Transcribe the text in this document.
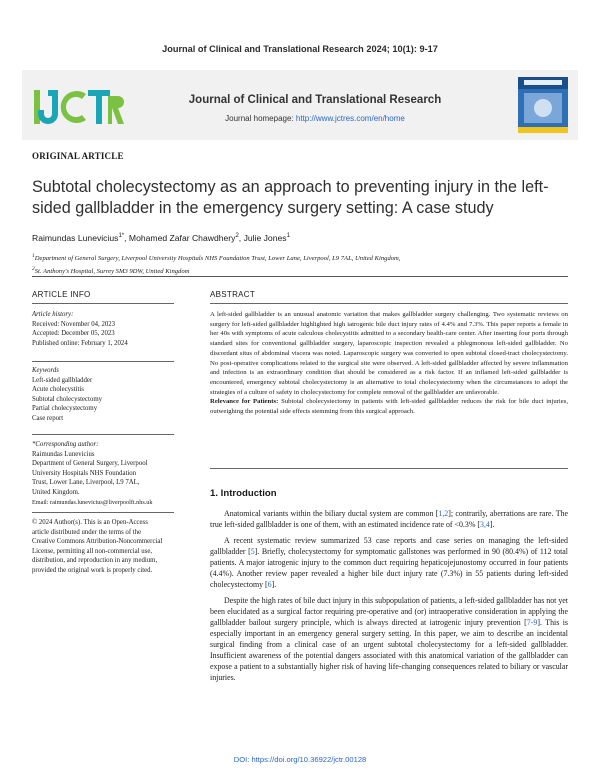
Journal of Clinical and Translational Research 2024; 10(1): 9-17
Journal of Clinical and Translational Research
Journal homepage: http://www.jctres.com/en/home
ORIGINAL ARTICLE
Subtotal cholecystectomy as an approach to preventing injury in the left-sided gallbladder in the emergency surgery setting: A case study
Raimundas Lunevicius$^{1*}$, Mohamed Zafar Chawdhery$^2$, Julie Jones$^1$
$^1$Department of General Surgery, Liverpool University Hospitals NHS Foundation Trust, Lower Lane, Liverpool, L9 7AL, United Kingdom,
$^2$St. Anthony's Hospital, Surrey SM3 9DW, United Kingdom
ARTICLE INFO	ABSTRACT
Article history:
Received: November 04, 2023
Accepted: December 05, 2023
Published online: February 1, 2024
Keywords
Left-sided gallbladder
Acute cholecystitis
Subtotal cholecystectomy
Partial cholecystectomy
Case report
*Corresponding author:
Raimundas Lunevicius
Department of General Surgery, Liverpool
University Hospitals NHS Foundation
Trust, Lower Lane, Liverpool, L9 7AL,
United Kingdom.
Email: raimundas.lunevicius@liverpoolft.nhs.uk
© 2024 Author(s). This is an Open-Access
article distributed under the terms of the
Creative Commons Attribution-Noncommercial
License, permitting all non-commercial use,
distribution, and reproduction in any medium,
provided the original work is properly cited.
A left-sided gallbladder is an unusual anatomic variation that makes gallbladder surgery challenging. Two systematic reviews on surgery for left-sided gallbladder highlighted high iatrogenic bile duct injury rates of 4.4% and 7.3%. This paper reports a female in her 40s with symptoms of acute calculous cholecystitis admitted to a secondary health-care center. After inserting four ports through standard sites for conventional gallbladder surgery, laparoscopic inspection revealed a phlegmonous left-sided gallbladder. No discordant situs of abdominal viscera was noted. Laparoscopic surgery was converted to open subtotal closed-tract cholecystectomy. No post-operative complications related to the surgical site were observed. A left-sided gallbladder affected by severe inflammation and infection is an extraordinary condition that should be considered as a risk factor. If an inflamed left-sided gallbladder is encountered, emergency subtotal cholecystectomy is an alternative to total cholecystectomy when the circumstances to adopt the strategies of a culture of safety in cholecystectomy for complete removal of the gallbladder are unfavorable.
Relevance for Patients: Subtotal cholecystectomy in patients with left-sided gallbladder reduces the risk for bile duct injuries, outweighing the potential side effects stemming from this surgical approach.
1. Introduction

Anatomical variants within the biliary ductal system are common [1,2]; contrarily, aberrations are rare. The true left-sided gallbladder is one of them, with an estimated incidence rate of <0.3% [3,4].

A recent systematic review summarized 53 case reports and case series on managing the left-sided gallbladder [5]. Briefly, cholecystectomy for symptomatic gallstones was performed in 90 (80.4%) of 112 total patients. A major iatrogenic injury to the common duct requiring hepaticojejunostomy occurred in four patients (4.4%). Another review paper revealed a higher bile duct injury rate (7.3%) in 55 patients during left-sided cholecystectomy [6].

Despite the high rates of bile duct injury in this subpopulation of patients, a left-sided gallbladder has not yet been elucidated as a surgical factor requiring pre-operative and (or) intraoperative consideration in applying the gallbladder bailout surgery principle, which is always directed at iatrogenic injury prevention [7-9]. This is especially important in an emergency general surgery setting. In this paper, we aim to describe an incidental surgical finding from a clinical case of an urgent subtotal cholecystectomy for a left-sided gallbladder. Insufficient awareness of the potential dangers associated with this anatomical variation of the gallbladder can expose a patient to a substantially higher risk of having life-changing consequences related to biliary or vascular injuries.

DOI: https://doi.org/10.36922/jctr.00128
